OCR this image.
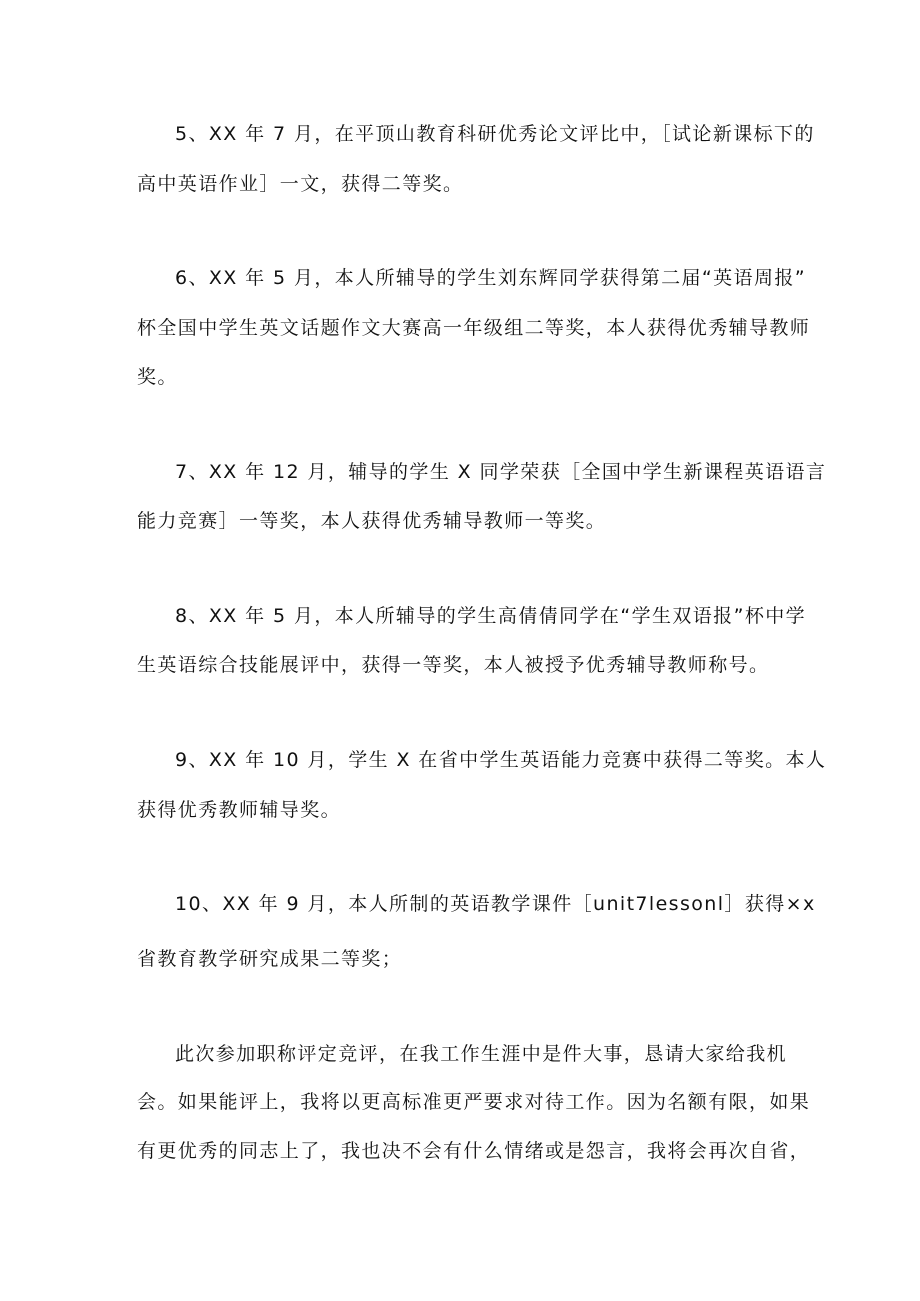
5、XX 年 7 月，在平顶山教育科研优秀论文评比中，［试论新课标下的

高中英语作业］一文，获得二等奖。

6、XX 年 5 月，本人所辅导的学生刘东辉同学获得第二届“英语周报”

杯全国中学生英文话题作文大赛高一年级组二等奖，本人获得优秀辅导教师

奖。

7、XX 年 12 月，辅导的学生 X 同学荣获［全国中学生新课程英语语言

能力竞赛］一等奖，本人获得优秀辅导教师一等奖。

8、XX 年 5 月，本人所辅导的学生高倩倩同学在“学生双语报”杯中学

生英语综合技能展评中，获得一等奖，本人被授予优秀辅导教师称号。

9、XX 年 10 月，学生 X 在省中学生英语能力竞赛中获得二等奖。本人

获得优秀教师辅导奖。

10、XX 年 9 月，本人所制的英语教学课件［unit7lessonl］获得×x

省教育教学研究成果二等奖；

此次参加职称评定竞评，在我工作生涯中是件大事，恳请大家给我机

会。如果能评上，我将以更高标准更严要求对待工作。因为名额有限，如果

有更优秀的同志上了，我也决不会有什么情绪或是怨言，我将会再次自省，
